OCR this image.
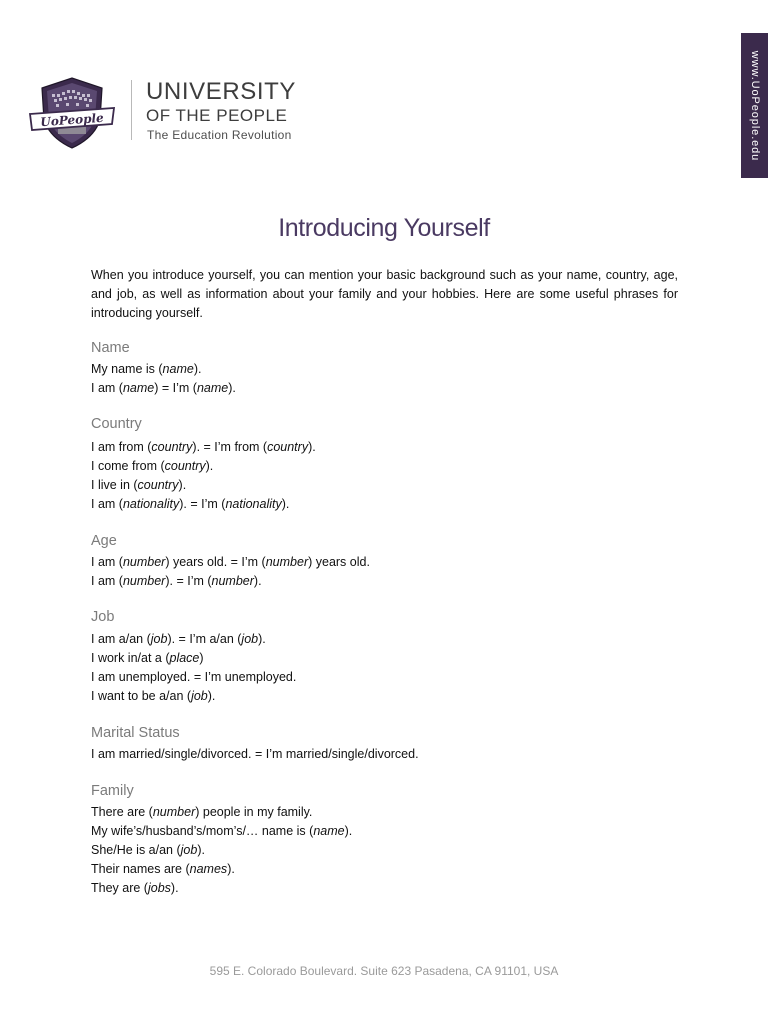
www.UoPeople.edu
UoPeople
UNIVERSITY
OF THE PEOPLE
The Education Revolution
Introducing Yourself
When you introduce yourself, you can mention your basic background such as your name, country, age, and job, as well as information about your family and your hobbies. Here are some useful phrases for introducing yourself.
Name
My name is (name).
I am (name) = I’m (name).
Country
I am from (country). = I’m from (country).
I come from (country).
I live in (country).
I am (nationality). = I’m (nationality).
Age
I am (number) years old. = I’m (number) years old.
I am (number). = I’m (number).
Job
I am a/an (job). = I’m a/an (job).
I work in/at a (place)
I am unemployed. = I’m unemployed.
I want to be a/an (job).
Marital Status
I am married/single/divorced. = I’m married/single/divorced.
Family
There are (number) people in my family.
My wife’s/husband’s/mom’s/… name is (name).
She/He is a/an (job).
Their names are (names).
They are (jobs).
595 E. Colorado Boulevard. Suite 623 Pasadena, CA 91101, USA
